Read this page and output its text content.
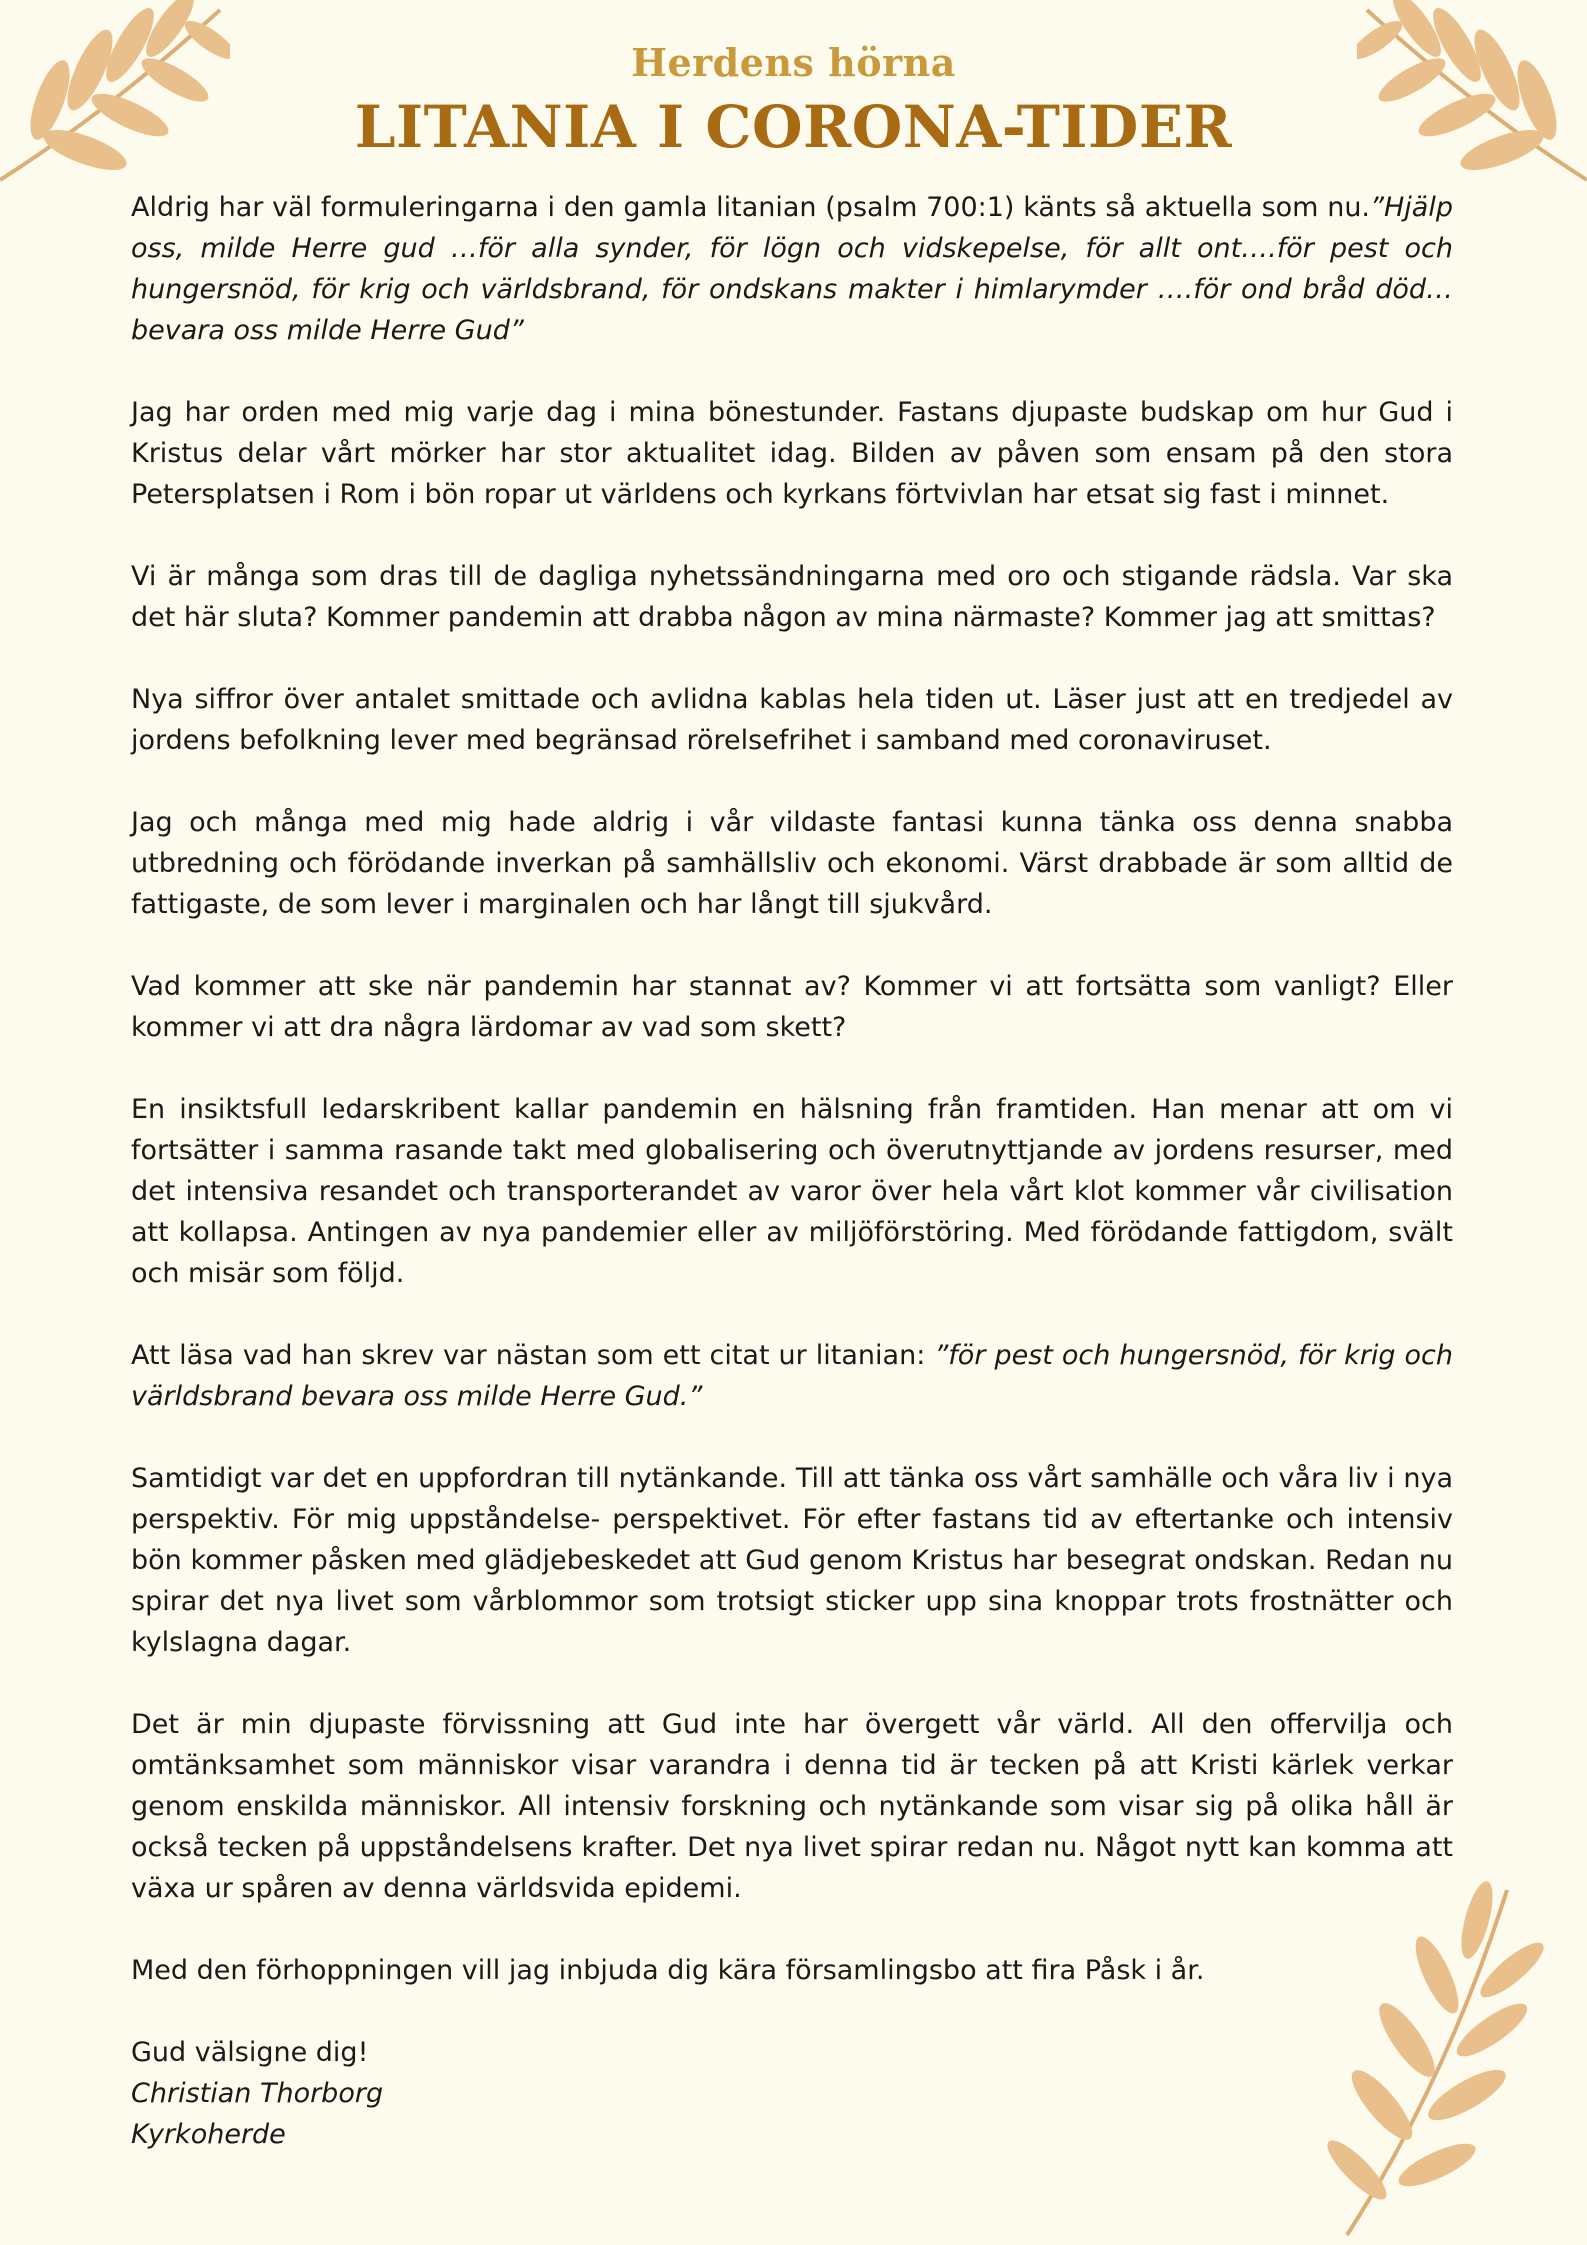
Herdens hörna
LITANIA I CORONA-TIDER

Aldrig har väl formuleringarna i den gamla litanian (psalm 700:1) känts så aktuella som nu.”Hjälp oss, milde Herre gud …för alla synder, för lögn och vidskepelse, för allt ont….för pest och hungersnöd, för krig och världsbrand, för ondskans makter i himlarymder ….för ond bråd död…bevara oss milde Herre Gud”

Jag har orden med mig varje dag i mina bönestunder. Fastans djupaste budskap om hur Gud i Kristus delar vårt mörker har stor aktualitet idag. Bilden av påven som ensam på den stora Petersplatsen i Rom i bön ropar ut världens och kyrkans förtvivlan har etsat sig fast i minnet.

Vi är många som dras till de dagliga nyhetssändningarna med oro och stigande rädsla. Var ska det här sluta? Kommer pandemin att drabba någon av mina närmaste? Kommer jag att smittas?

Nya siffror över antalet smittade och avlidna kablas hela tiden ut. Läser just att en tredjedel av jordens befolkning lever med begränsad rörelsefrihet i samband med coronaviruset.

Jag och många med mig hade aldrig i vår vildaste fantasi kunna tänka oss denna snabba utbredning och förödande inverkan på samhällsliv och ekonomi. Värst drabbade är som alltid de fattigaste, de som lever i marginalen och har långt till sjukvård.

Vad kommer att ske när pandemin har stannat av? Kommer vi att fortsätta som vanligt? Eller kommer vi att dra några lärdomar av vad som skett?

En insiktsfull ledarskribent kallar pandemin en hälsning från framtiden. Han menar att om vi fortsätter i samma rasande takt med globalisering och överutnyttjande av jordens resurser, med det intensiva resandet och transporterandet av varor över hela vårt klot kommer vår civilisation att kollapsa. Antingen av nya pandemier eller av miljöförstöring. Med förödande fattigdom, svält och misär som följd.

Att läsa vad han skrev var nästan som ett citat ur litanian: ”för pest och hungersnöd, för krig och världsbrand bevara oss milde Herre Gud.”

Samtidigt var det en uppfordran till nytänkande. Till att tänka oss vårt samhälle och våra liv i nya perspektiv. För mig uppståndelse- perspektivet. För efter fastans tid av eftertanke och intensiv bön kommer påsken med glädjebeskedet att Gud genom Kristus har besegrat ondskan. Redan nu spirar det nya livet som vårblommor som trotsigt sticker upp sina knoppar trots frostnätter och kylslagna dagar.

Det är min djupaste förvissning att Gud inte har övergett vår värld. All den offervilja och omtänksamhet som människor visar varandra i denna tid är tecken på att Kristi kärlek verkar genom enskilda människor. All intensiv forskning och nytänkande som visar sig på olika håll är också tecken på uppståndelsens krafter. Det nya livet spirar redan nu. Något nytt kan komma att växa ur spåren av denna världsvida epidemi.

Med den förhoppningen vill jag inbjuda dig kära församlingsbo att fira Påsk i år.

Gud välsigne dig!

Christian Thorborg

Kyrkoherde
